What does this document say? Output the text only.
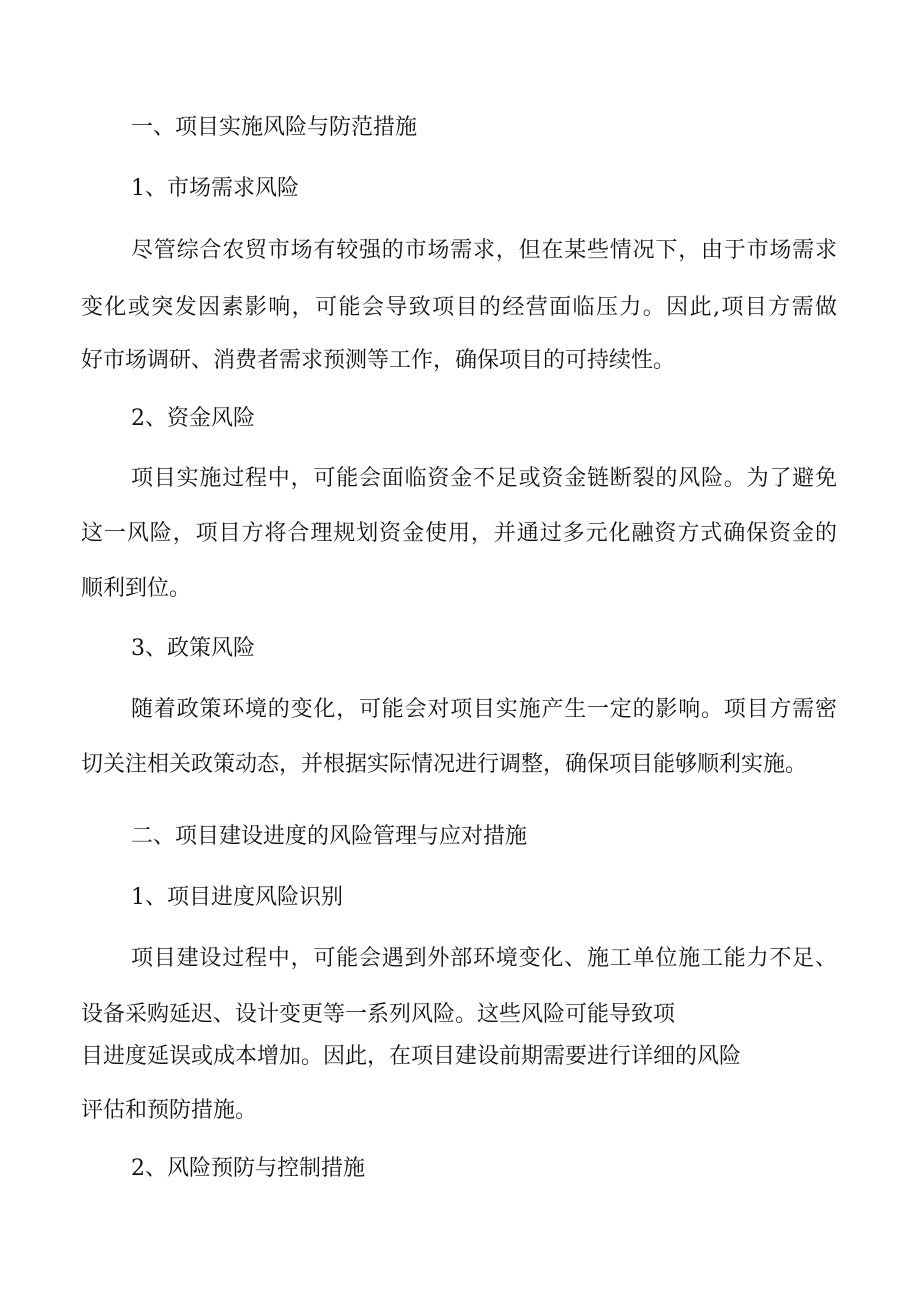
一、项目实施风险与防范措施
1、市场需求风险
尽管综合农贸市场有较强的市场需求，但在某些情况下，由于市场需求
变化或突发因素影响，可能会导致项目的经营面临压力。因此,项目方需做
好市场调研、消费者需求预测等工作，确保项目的可持续性。
2、资金风险
项目实施过程中，可能会面临资金不足或资金链断裂的风险。为了避免
这一风险，项目方将合理规划资金使用，并通过多元化融资方式确保资金的
顺利到位。
3、政策风险
随着政策环境的变化，可能会对项目实施产生一定的影响。项目方需密
切关注相关政策动态，并根据实际情况进行调整，确保项目能够顺利实施。
二、项目建设进度的风险管理与应对措施
1、项目进度风险识别
项目建设过程中，可能会遇到外部环境变化、施工单位施工能力不足、
设备采购延迟、设计变更等一系列风险。这些风险可能导致项
目进度延误或成本增加。因此，在项目建设前期需要进行详细的风险
评估和预防措施。
2、风险预防与控制措施
